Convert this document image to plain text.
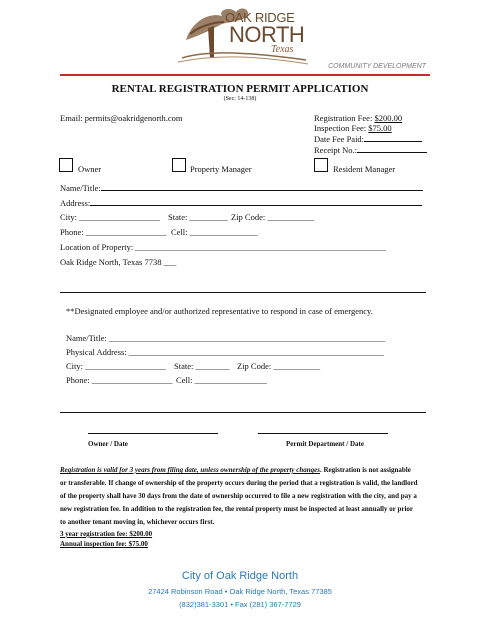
OAK RIDGE
NORTH
Texas
COMMUNITY DEVELOPMENT
RENTAL REGISTRATION PERMIT APPLICATION
(Sec: 14-138)
Email: permits@oakridgenorth.com	Registration Fee: $200.00
Inspection Fee: $75.00
Date Fee Paid:
Receipt No.:
Owner	Property Manager	Resident Manager
Name/Title:
Address:
City: ___________________ State: _________ Zip Code: ___________
Phone: ___________________ Cell: ________________
Location of Property: ___________________________________________________________
Oak Ridge North, Texas 7738 ___
**Designated employee and/or authorized representative to respond in case of emergency.
Name/Title: _________________________________________________________________
Physical Address: ____________________________________________________________
City: ___________________ State: ________ Zip Code: ___________
Phone: ___________________ Cell: _________________
Owner / Date	Permit Department / Date
Registration is valid for 3 years from filing date, unless ownership of the property changes. Registration is not assignable
or transferable. If change of ownership of the property occurs during the period that a registration is valid, the landlord
of the property shall have 30 days from the date of ownership occurred to file a new registration with the city, and pay a
new registration fee. In addition to the registration fee, the rental property must be inspected at least annually or prior
to another tenant moving in, whichever occurs first.
3 year registration fee: $200.00
Annual inspection fee: $75.00
City of Oak Ridge North
27424 Robinson Road • Oak Ridge North, Texas 77385
(832)381-3301 • Fax (281) 367-7729
